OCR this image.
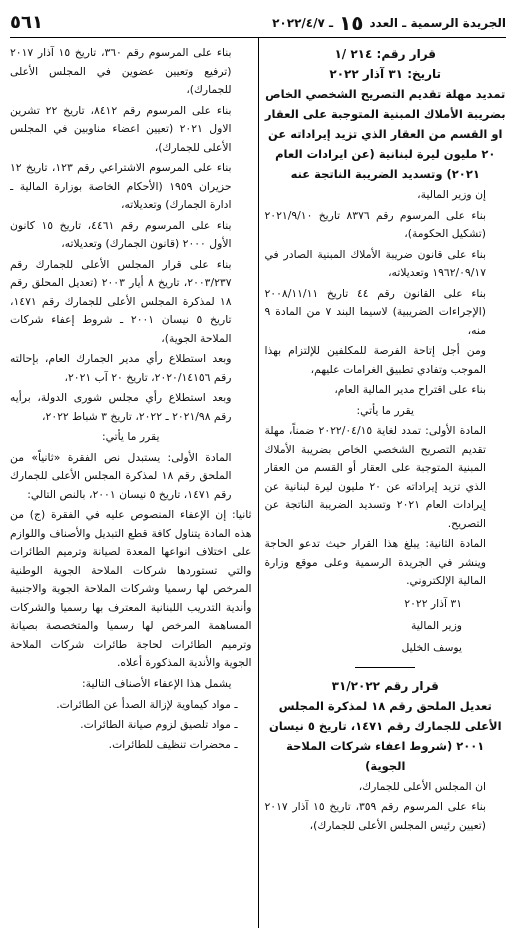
الجريدة الرسمية ـ العدد
١٥
ـ ٢٠٢٢/٤/٧
٥٦١
قرار رقم: ٢١٤ /١
تاريخ: ٣١ آذار ٢٠٢٢

تمديد مهلة تقديم التصريح الشخصي الخاص بضريبة الأملاك المبنية المتوجبة على العقار او القسم من العقار الذي تزيد إيراداته عن ٢٠ مليون ليرة لبنانية (عن ايرادات العام ٢٠٢١) وتسديد الضريبة الناتجة عنه

إن وزير المالية،

بناء على المرسوم رقم ٨٣٧٦ تاريخ ٢٠٢١/٩/١٠ (تشكيل الحكومة)،

بناء على قانون ضريبة الأملاك المبنية الصادر في ١٩٦٢/٠٩/١٧ وتعديلاته،

بناء على القانون رقم ٤٤ تاريخ ٢٠٠٨/١١/١١ (الإجراءات الضريبية) لاسيما البند ٧ من المادة ٩ منه،

ومن أجل إتاحة الفرصة للمكلفين للإلتزام بهذا الموجب وتفادي تطبيق الغرامات عليهم،

بناء على اقتراح مدير المالية العام،

يقرر ما يأتي:

المادة الأولى: تمدد لغاية ٢٠٢٢/٠٤/١٥ ضمناً، مهلة تقديم التصريح الشخصي الخاص بضريبة الأملاك المبنية المتوجبة على العقار أو القسم من العقار الذي تزيد إيراداته عن ٢٠ مليون ليرة لبنانية عن إيرادات العام ٢٠٢١ وتسديد الضريبة الناتجة عن التصريح.

المادة الثانية: يبلغ هذا القرار حيث تدعو الحاجة وينشر في الجريدة الرسمية وعلى موقع وزارة المالية الإلكتروني.

٣١ آذار ٢٠٢٢
وزير المالية
يوسف الخليل
قرار رقم ٣١/٢٠٢٢

تعديل الملحق رقم ١٨ لمذكرة المجلس الأعلى للجمارك رقم ١٤٧١، تاريخ ٥ نيسان ٢٠٠١ (شروط اعفاء شركات الملاحة الجوية)

ان المجلس الأعلى للجمارك،

بناء على المرسوم رقم ٣٥٩، تاريخ ١٥ آذار ٢٠١٧ (تعيين رئيس المجلس الأعلى للجمارك)،

بناء على المرسوم رقم ٣٦٠، تاريخ ١٥ آذار ٢٠١٧ (ترفيع وتعيين عضوين في المجلس الأعلى للجمارك)،

بناء على المرسوم رقم ٨٤١٢، تاريخ ٢٢ تشرين الاول ٢٠٢١ (تعيين اعضاء مناوبين في المجلس الأعلى للجمارك)،

بناء على المرسوم الاشتراعي رقم ١٢٣، تاريخ ١٢ حزيران ١٩٥٩ (الأحكام الخاصة بوزارة المالية ـ ادارة الجمارك) وتعديلاته،

بناء على المرسوم رقم ٤٤٦١، تاريخ ١٥ كانون الأول ٢٠٠٠ (قانون الجمارك) وتعديلاته،

بناء على قرار المجلس الأعلى للجمارك رقم ٢٠٠٣/٢٣٧، تاريخ ٨ أيار ٢٠٠٣ (تعديل المحلق رقم ١٨ لمذكرة المجلس الأعلى للجمارك رقم ١٤٧١، تاريخ ٥ نيسان ٢٠٠١ ـ شروط إعفاء شركات الملاحة الجوية)،

وبعد استطلاع رأي مدير الجمارك العام، بإحالته رقم ٢٠٢٠/١٤١٥٦، تاريخ ٢٠ آب ٢٠٢١،

وبعد استطلاع رأي مجلس شورى الدولة، برأيه رقم ٢٠٢١/٩٨ ـ ٢٠٢٢، تاريخ ٣ شباط ٢٠٢٢،

يقرر ما يأتي:

المادة الأولى: يستبدل نص الفقرة «ثانياً» من الملحق رقم ١٨ لمذكرة المجلس الأعلى للجمارك رقم ١٤٧١، تاريخ ٥ نيسان ٢٠٠١، بالنص التالي:

ثانيا: إن الإعفاء المنصوص عليه في الفقرة (ج) من هذه المادة يتناول كافة قطع التبديل والأصناف واللوازم على اختلاف انواعها المعدة لصيانة وترميم الطائرات والتي تستوردها شركات الملاحة الجوية الوطنية المرخص لها رسميا وشركات الملاحة الجوية والاجنبية وأندية التدريب اللبنانية المعترف بها رسميا والشركات المساهمة المرخص لها رسميا والمتخصصة بصيانة وترميم الطائرات لحاجة طائرات شركات الملاحة الجوية والأندية المذكورة أعلاه.

يشمل هذا الإعفاء الأصناف التالية:

ـ مواد كيماوية لإزالة الصدأ عن الطائرات.
ـ مواد تلصيق لزوم صيانة الطائرات.
ـ محضرات تنظيف للطائرات.
